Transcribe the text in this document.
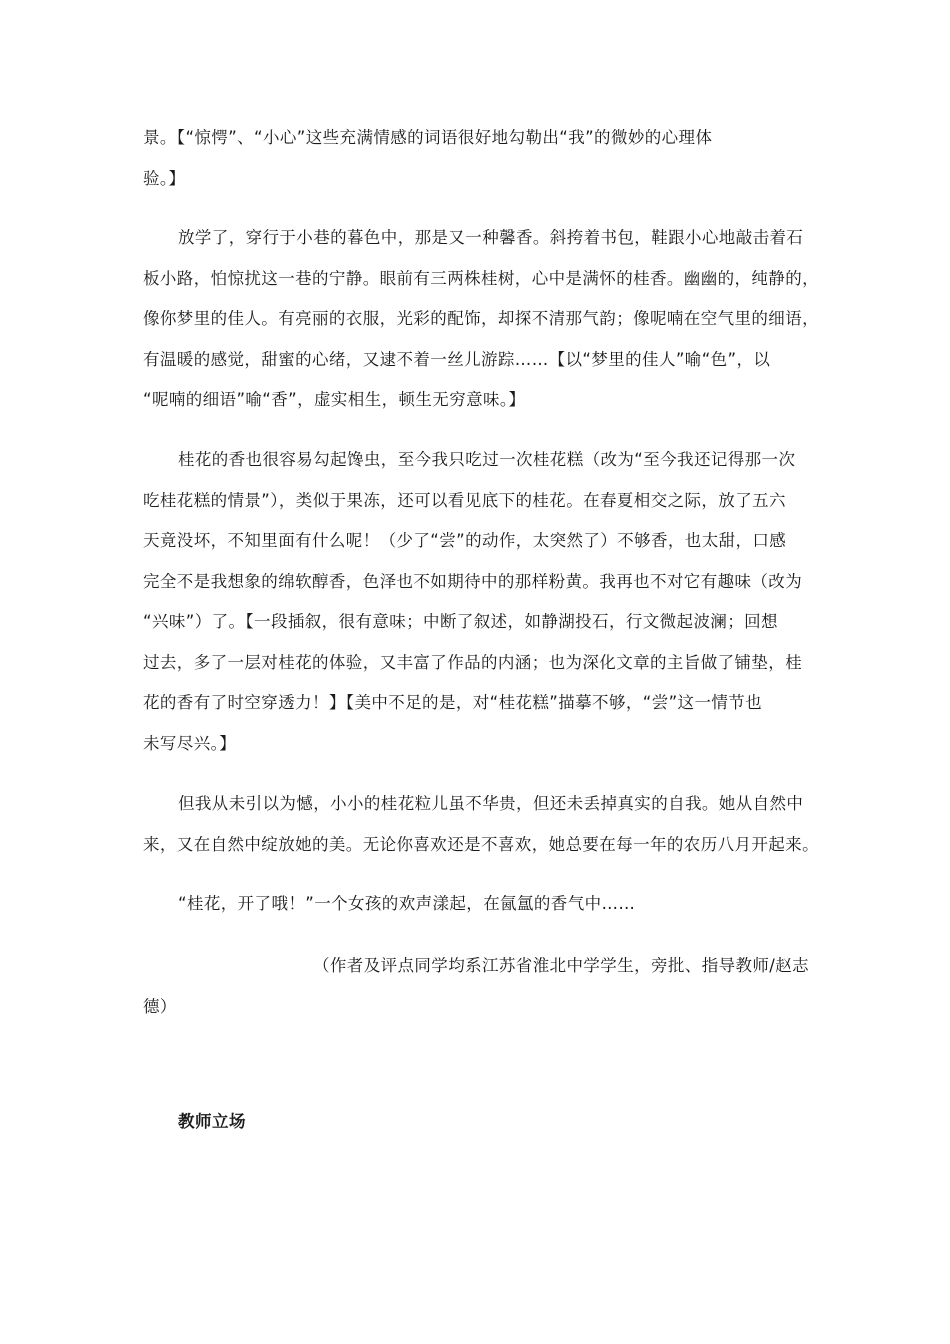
景。【“惊愕”、“小心”这些充满情感的词语很好地勾勒出“我”的微妙的心理体
验。】

放学了，穿行于小巷的暮色中，那是又一种馨香。斜挎着书包，鞋跟小心地敲击着石
板小路，怕惊扰这一巷的宁静。眼前有三两株桂树，心中是满怀的桂香。幽幽的，纯静的，
像你梦里的佳人。有亮丽的衣服，光彩的配饰，却探不清那气韵；像呢喃在空气里的细语，
有温暖的感觉，甜蜜的心绪，又逮不着一丝儿游踪……【以“梦里的佳人”喻“色”，以
“呢喃的细语”喻“香”，虚实相生，顿生无穷意味。】

桂花的香也很容易勾起馋虫，至今我只吃过一次桂花糕（改为“至今我还记得那一次
吃桂花糕的情景”），类似于果冻，还可以看见底下的桂花。在春夏相交之际，放了五六
天竟没坏，不知里面有什么呢！（少了“尝”的动作，太突然了）不够香，也太甜，口感
完全不是我想象的绵软醇香，色泽也不如期待中的那样粉黄。我再也不对它有趣味（改为
“兴味”）了。【一段插叙，很有意味；中断了叙述，如静湖投石，行文微起波澜；回想
过去，多了一层对桂花的体验，又丰富了作品的内涵；也为深化文章的主旨做了铺垫，桂
花的香有了时空穿透力！】【美中不足的是，对“桂花糕”描摹不够，“尝”这一情节也
未写尽兴。】

但我从未引以为憾，小小的桂花粒儿虽不华贵，但还未丢掉真实的自我。她从自然中
来，又在自然中绽放她的美。无论你喜欢还是不喜欢，她总要在每一年的农历八月开起来。

“桂花，开了哦！”一个女孩的欢声漾起，在氤氲的香气中……

（作者及评点同学均系江苏省淮北中学学生，旁批、指导教师/赵志
德）

教师立场
